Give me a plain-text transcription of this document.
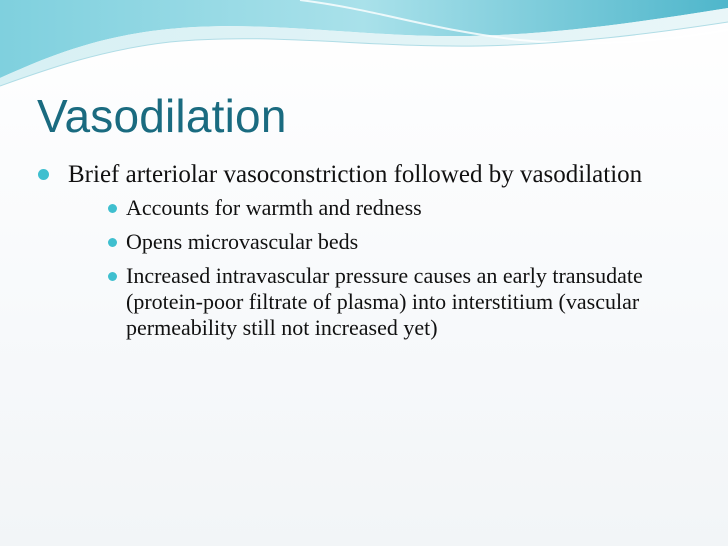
Vasodilation
Brief arteriolar vasoconstriction followed by vasodilation
Accounts for warmth and redness
Opens microvascular beds
Increased intravascular pressure causes an early transudate (protein-poor filtrate of plasma) into interstitium (vascular permeability still not increased yet)
